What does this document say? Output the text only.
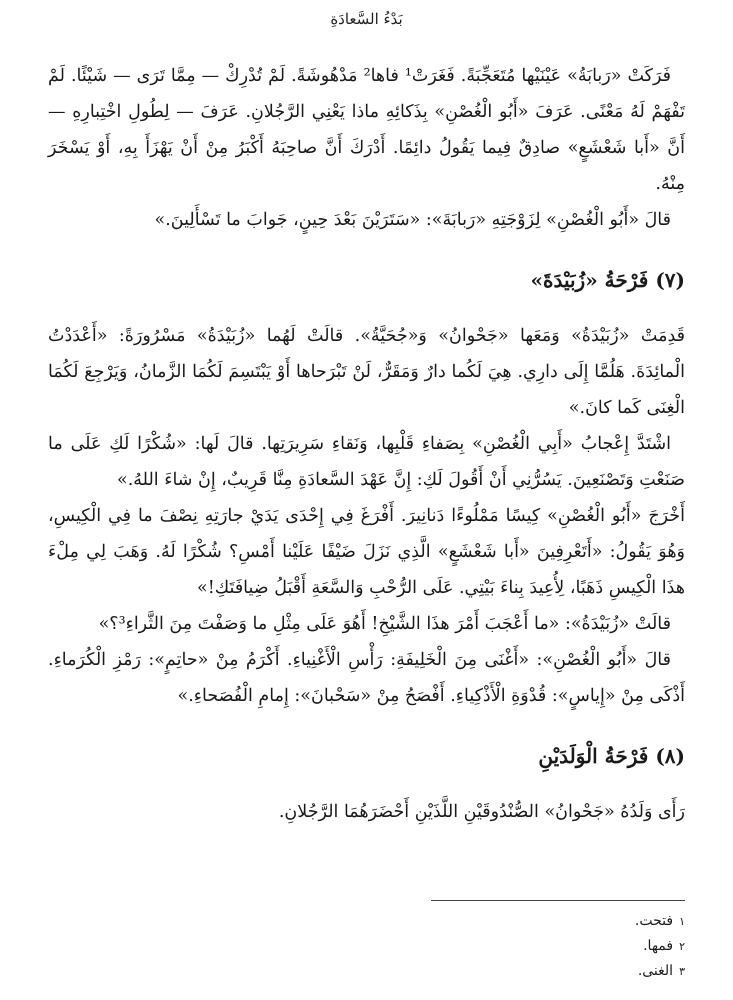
بَدْءُ السَّعادَةِ

فَرَكَتْ «رَبابَةُ» عَيْنَيْها مُتَعَجِّبَةً. فَغَرَتْ¹ فاها² مَدْهُوشَةً. لَمْ تُدْرِكْ — مِمَّا تَرَى — شَيْئًا. لَمْ تَفْهَمْ لَهُ مَعْنًى. عَرَفَ «أَبُو الْغُصْنِ» بِذَكائِهِ ماذا يَعْنِي الرَّجُلانِ. عَرَفَ — لِطُولِ اخْتِبارِهِ — أَنَّ «أَبا شَعْشَعٍ» صادِقٌ فِيما يَقُولُ دائِمًا. أَدْرَكَ أَنَّ صاحِبَهُ أَكْبَرُ مِنْ أَنْ يَهْزَأَ بِهِ، أَوْ يَسْخَرَ مِنْهُ.

قالَ «أَبُو الْغُصْنِ» لِزَوْجَتِهِ «رَبابَةَ»: «سَتَرَيْنَ بَعْدَ حِينٍ، جَوابَ ما تَسْأَلِينَ.»

(٧) فَرْحَةُ «زُبَيْدَةَ»

قَدِمَتْ «زُبَيْدَةُ» وَمَعَها «جَحْوانُ» وَ«جُحَيَّةُ». قالَتْ لَهُما «زُبَيْدَةُ» مَسْرُورَةً: «أَعْدَدْتُ الْمائِدَةَ. هَلُمَّا إِلَى دارِي. هِيَ لَكُما دارٌ وَمَقَرٌّ، لَنْ تَبْرَحاها أَوْ يَبْتَسِمَ لَكُمَا الزَّمانُ، وَيَرْجِعَ لَكُمَا الْغِنَى كَما كانَ.»

اشْتَدَّ إِعْجابُ «أَبِي الْغُصْنِ» بِصَفاءِ قَلْبِها، وَنَقاءِ سَرِيرَتِها. قالَ لَها: «شُكْرًا لَكِ عَلَى ما صَنَعْتِ وَتَصْنَعِينَ. يَسُرُّنِي أَنْ أَقُولَ لَكِ: إِنَّ عَهْدَ السَّعادَةِ مِنَّا قَرِيبٌ، إِنْ شاءَ اللهُ.»

أَخْرَجَ «أَبُو الْغُصْنِ» كِيسًا مَمْلُوءًا دَنانِيرَ. أَفْرَغَ فِي إِحْدَى يَدَيْ جارَتِهِ نِصْفَ ما فِي الْكِيسِ، وَهُوَ يَقُولُ: «أَتَعْرِفِينَ «أَبا شَعْشَعٍ» الَّذِي نَزَلَ ضَيْفًا عَلَيْنا أَمْسِ؟ شُكْرًا لَهُ. وَهَبَ لِي مِلْءَ هذَا الْكِيسِ ذَهَبًا، لِأُعِيدَ بِناءَ بَيْتِي. عَلَى الرُّحْبِ وَالسَّعَةِ أَقْبَلُ ضِيافَتَكِ!»

قالَتْ «زُبَيْدَةُ»: «ما أَعْجَبَ أَمْرَ هذَا الشَّيْخِ! أَهُوَ عَلَى مِثْلِ ما وَصَفْتَ مِنَ الثَّراءِ³؟»

قالَ «أَبُو الْغُصْنِ»: «أَغْنَى مِنَ الْخَلِيفَةِ: رَأْسِ الْأَغْنِياءِ. أَكْرَمُ مِنْ «حاتِمٍ»: رَمْزِ الْكُرَماءِ. أَذْكَى مِنْ «إِياسٍ»: قُدْوَةِ الْأَذْكِياءِ. أَفْصَحُ مِنْ «سَحْبانَ»: إِمامِ الْفُصَحاءِ.»

(٨) فَرْحَةُ الْوَلَدَيْنِ

رَأَى وَلَدُهُ «جَحْوانُ» الصُّنْدُوقَيْنِ اللَّذَيْنِ أَحْضَرَهُمَا الرَّجُلانِ.

١
فتحت.
٢
فمها.
٣
الغنى.
